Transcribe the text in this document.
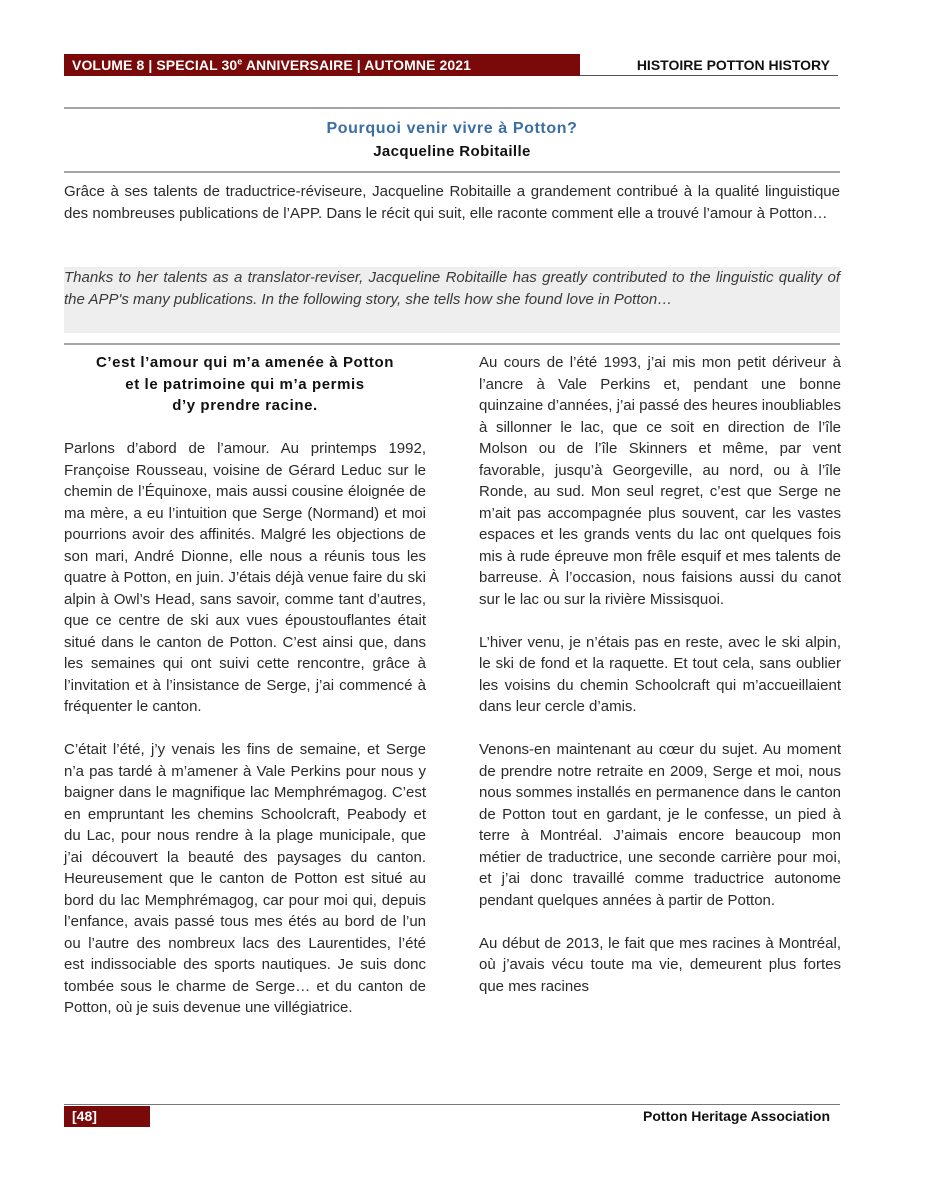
VOLUME 8 | SPECIAL 30e ANNIVERSAIRE | AUTOMNE 2021	HISTOIRE POTTON HISTORY
Pourquoi venir vivre à Potton?
Jacqueline Robitaille
Grâce à ses talents de traductrice-réviseure, Jacqueline Robitaille a grandement contribué à la qualité linguistique des nombreuses publications de l’APP. Dans le récit qui suit, elle raconte comment elle a trouvé l’amour à Potton…
Thanks to her talents as a translator-reviser, Jacqueline Robitaille has greatly contributed to the linguistic quality of the APP's many publications. In the following story, she tells how she found love in Potton…
C’est l’amour qui m’a amenée à Potton
et le patrimoine qui m’a permis
d’y prendre racine.

Parlons d’abord de l’amour. Au printemps 1992, Françoise Rousseau, voisine de Gérard Leduc sur le chemin de l’Équinoxe, mais aussi cousine éloignée de ma mère, a eu l’intuition que Serge (Normand) et moi pourrions avoir des affinités. Malgré les objections de son mari, André Dionne, elle nous a réunis tous les quatre à Potton, en juin. J’étais déjà venue faire du ski alpin à Owl’s Head, sans savoir, comme tant d’autres, que ce centre de ski aux vues époustouflantes était situé dans le canton de Potton. C’est ainsi que, dans les semaines qui ont suivi cette rencontre, grâce à l’invitation et à l’insistance de Serge, j’ai commencé à fréquenter le canton.

C’était l’été, j’y venais les fins de semaine, et Serge n’a pas tardé à m’amener à Vale Perkins pour nous y baigner dans le magnifique lac Memphrémagog. C’est en empruntant les chemins Schoolcraft, Peabody et du Lac, pour nous rendre à la plage municipale, que j’ai découvert la beauté des paysages du canton. Heureusement que le canton de Potton est situé au bord du lac Memphrémagog, car pour moi qui, depuis l’enfance, avais passé tous mes étés au bord de l’un ou l’autre des nombreux lacs des Laurentides, l’été est indissociable des sports nautiques. Je suis donc tombée sous le charme de Serge… et du canton de Potton, où je suis devenue une villégiatrice.

Au cours de l’été 1993, j’ai mis mon petit dériveur à l’ancre à Vale Perkins et, pendant une bonne quinzaine d’années, j’ai passé des heures inoubliables à sillonner le lac, que ce soit en direction de l’île Molson ou de l’île Skinners et même, par vent favorable, jusqu’à Georgeville, au nord, ou à l’île Ronde, au sud. Mon seul regret, c’est que Serge ne m’ait pas accompagnée plus souvent, car les vastes espaces et les grands vents du lac ont quelques fois mis à rude épreuve mon frêle esquif et mes talents de barreuse. À l’occasion, nous faisions aussi du canot sur le lac ou sur la rivière Missisquoi.

L’hiver venu, je n’étais pas en reste, avec le ski alpin, le ski de fond et la raquette. Et tout cela, sans oublier les voisins du chemin Schoolcraft qui m’accueillaient dans leur cercle d’amis.

Venons-en maintenant au cœur du sujet. Au moment de prendre notre retraite en 2009, Serge et moi, nous nous sommes installés en permanence dans le canton de Potton tout en gardant, je le confesse, un pied à terre à Montréal. J’aimais encore beaucoup mon métier de traductrice, une seconde carrière pour moi, et j’ai donc travaillé comme traductrice autonome pendant quelques années à partir de Potton.

Au début de 2013, le fait que mes racines à Montréal, où j’avais vécu toute ma vie, demeurent plus fortes que mes racines

[48]	Potton Heritage Association
